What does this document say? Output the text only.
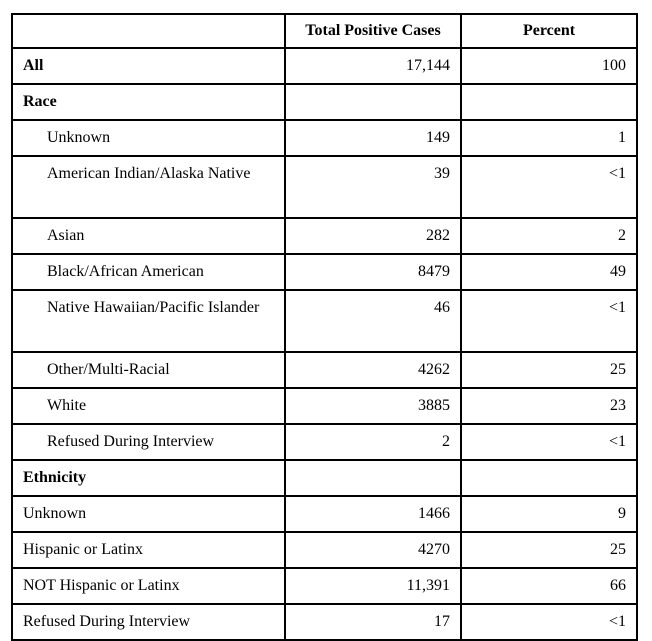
	Total Positive Cases	Percent
All	17,144	100
Race		
Unknown	149	1
American Indian/Alaska Native	39	<1
Asian	282	2
Black/African American	8479	49
Native Hawaiian/Pacific Islander	46	<1
Other/Multi-Racial	4262	25
White	3885	23
Refused During Interview	2	<1
Ethnicity		
Unknown	1466	9
Hispanic or Latinx	4270	25
NOT Hispanic or Latinx	11,391	66
Refused During Interview	17	<1
